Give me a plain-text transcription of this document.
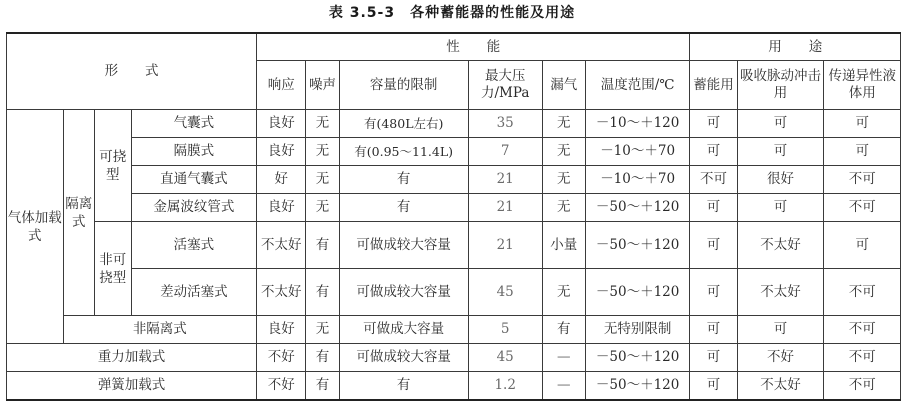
表 3.5-3　各种蓄能器的性能及用途
形　　式				性　　能						用　　途		
				响应	噪声	容量的限制	最大压力/MPa	漏气	温度范围/℃	蓄能用	吸收脉动冲击用	传递异性液体用
气体加载式	隔离式	可挠型	气囊式	良好	无	有(480L左右)	35	无	－10～＋120	可	可	可
			隔膜式	良好	无	有(0.95～11.4L)	7	无	－10～＋70	可	可	可
			直通气囊式	好	无	有	21	无	－10～＋70	不可	很好	不可
			金属波纹管式	良好	无	有	21	无	－50～＋120	可	可	不可
		非可挠型	活塞式	不太好	有	可做成较大容量	21	小量	－50～＋120	可	不太好	可
			差动活塞式	不太好	有	可做成较大容量	45	无	－50～＋120	可	不太好	不可
	非隔离式			良好	无	可做成大容量	5	有	无特别限制	可	可	不可
重力加载式				不好	有	可做成较大容量	45	—	－50～＋120	可	不好	不可
弹簧加载式				不好	有	有	1.2	—	－50～＋120	可	不太好	不可
